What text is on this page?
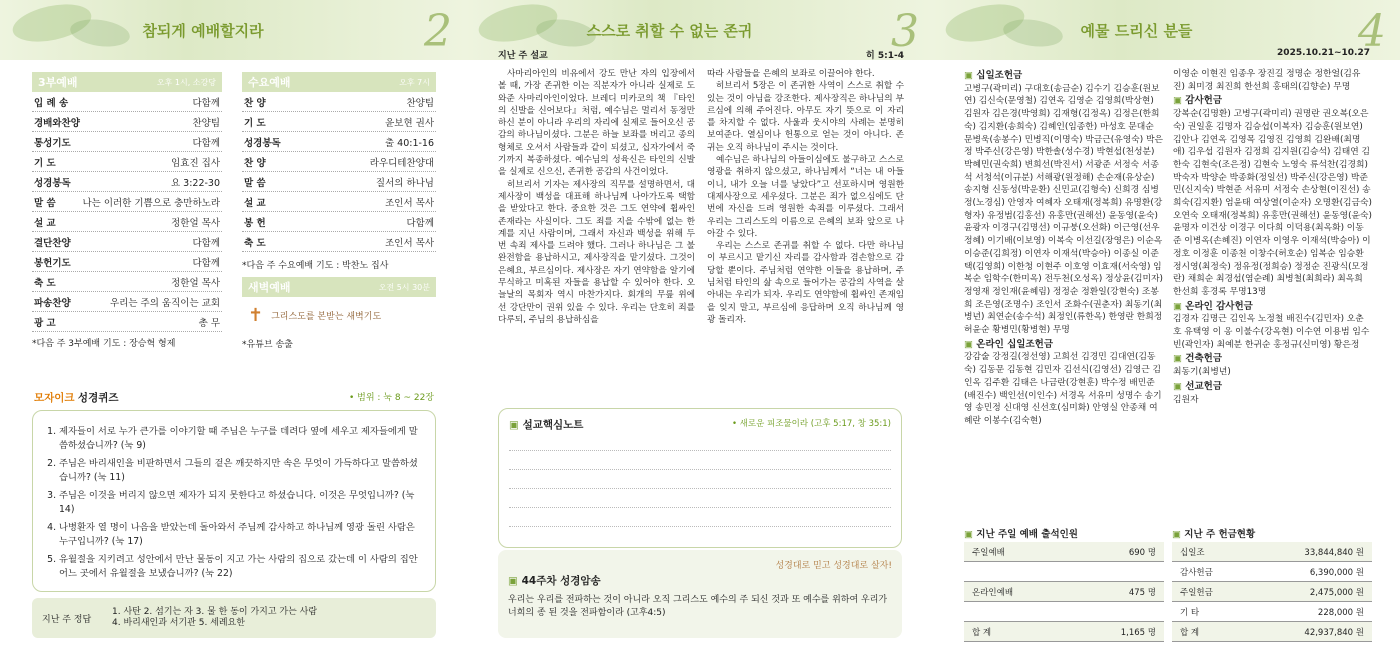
참되게 예배할지라	2
3부예배	오후 1시, 소강당
입 례 송	다함께
경배와찬양	찬양팀
통성기도	다함께
기 도	임효진 집사
성경봉독	요 3:22-30
말 씀	나는 이러한 기쁨으로 충만하노라
설 교	정한얼 목사
결단찬양	다함께
봉헌기도	다함께
축 도	정한얼 목사
파송찬양	우리는 주의 움직이는 교회
광 고	총 무
*다음 주 3부예배 기도 : 장승혁 형제
수요예배	오후 7시
찬 양	찬양팀
기 도	윤보현 권사
성경봉독	출 40:1-16
찬 양	라우디테찬양대
말 씀	질서의 하나님
설 교	조인서 목사
봉 헌	다함께
축 도	조인서 목사
*다음 주 수요예배 기도 : 박찬노 집사
새벽예배	오전 5시 30분
✝ 그리스도를 본받는 새벽기도
*유튜브 송출
모자이크 성경퀴즈	• 범위 : 눅 8 ~ 22장
1. 제자들이 서로 누가 큰가를 이야기할 때 주님은 누구를 데려다 옆에 세우고 제자들에게 말씀하셨습니까? (눅 9)
2. 주님은 바리새인을 비판하면서 그들의 겉은 깨끗하지만 속은 무엇이 가득하다고 말씀하셨습니까? (눅 11)
3. 주님은 이것을 버리지 않으면 제자가 되지 못한다고 하셨습니다. 이것은 무엇입니까? (눅 14)
4. 나병환자 열 명이 나음을 받았는데 돌아와서 주님께 감사하고 하나님께 영광 돌린 사람은 누구입니까? (눅 17)
5. 유월절을 지키려고 성안에서 만난 물동이 지고 가는 사람의 집으로 갔는데 이 사람의 집안 어느 곳에서 유월절을 보냈습니까? (눅 22)
지난 주 정답
1. 사탄 2. 섬기는 자 3. 물 한 동이 가지고 가는 사람
4. 바리새인과 서기관 5. 세례요한
스스로 취할 수 없는 존귀	3
지난 주 설교	히 5:1-4

사마리아인의 비유에서 강도 만난 자의 입장에서 볼 때, 가장 존귀한 이는 직분자가 아니라 실제로 도와준 사마리아인이었다. 브레디 미카코의 책 『타인의 신발을 신어보다』처럼, 예수님은 멀리서 동정만 하신 분이 아니라 우리의 자리에 실제로 들어오신 공감의 하나님이셨다. 그분은 하늘 보좌를 버리고 종의 형체로 오셔서 사람들과 같이 되셨고, 십자가에서 죽기까지 복종하셨다. 예수님의 성육신은 타인의 신발을 실제로 신으신, 존귀한 공감의 사건이었다.

히브리서 기자는 제사장의 직무를 설명하면서, 대제사장이 백성을 대표해 하나님께 나아가도록 택함을 받았다고 한다. 중요한 것은 그도 연약에 휩싸인 존재라는 사실이다. 그도 죄를 지을 수밖에 없는 한계를 지닌 사람이며, 그래서 자신과 백성을 위해 두 번 속죄 제사를 드려야 했다. 그러나 하나님은 그 불완전함을 용납하시고, 제사장직을 맡기셨다. 그것이 은혜요, 부르심이다. 제사장은 자기 연약함을 알기에 무식하고 미혹된 자들을 용납할 수 있어야 한다. 오늘날의 목회자 역시 마찬가지다. 회개의 무릎 위에 선 강단만이 권위 있을 수 있다. 우리는 단호히 죄를 다루되, 주님의 용납하심을

따라 사람들을 은혜의 보좌로 이끌어야 한다.

히브리서 5장은 이 존귀한 사역이 스스로 취할 수 있는 것이 아님을 강조한다. 제사장직은 하나님의 부르심에 의해 주어진다. 아무도 자기 뜻으로 이 자리를 차지할 수 없다. 사울과 웃시야의 사례는 분명히 보여준다. 열심이나 헌통으로 얻는 것이 아니다. 존귀는 오직 하나님이 주시는 것이다.

예수님은 하나님의 아들이심에도 불구하고 스스로 영광을 취하지 않으셨고, 하나님께서 “너는 내 아들이니, 내가 오늘 너를 낳았다”고 선포하시며 영원한 대제사장으로 세우셨다. 그분은 죄가 없으심에도 단번에 자신을 드려 영원한 속죄를 이루셨다. 그래서 우리는 그리스도의 이름으로 은혜의 보좌 앞으로 나아갈 수 있다.

우리는 스스로 존귀를 취할 수 없다. 다만 하나님이 부르시고 맡기신 자리를 감사함과 겸손함으로 감당할 뿐이다. 주님처럼 연약한 이들을 용납하며, 주님처럼 타인의 삶 속으로 들어가는 공감의 사역을 살아내는 우리가 되자. 우리도 연약함에 휩싸인 존재임을 잊지 말고, 부르심에 응답하며 오직 하나님께 영광 돌리자.

▣ 설교핵심노트	• 새로운 피조물이라 (고후 5:17, 창 35:1)
성경대로 믿고 성경대로 살자!
▣ 44주차 성경암송
우리는 우리를 전파하는 것이 아니라 오직 그리스도 예수의 주 되신 것과 또 예수를 위하여 우리가 너희의 종 된 것을 전파함이라 (고후4:5)
예물 드리신 분들	4
2025.10.21~10.27
▣ 십일조헌금
고병구(곽미리) 구대호(송금순) 김수기 김승훈(원보연) 김신숙(문영철) 김연옥 김영순 김영희(박상현) 김원자 김은경(박영희) 김재형(김정옥) 김정은(한희숙) 김지환(송희숙) 김혜인(임종한) 마성호 문대순 문병욱(송봉수) 민병직(이명숙) 박금근(유영숙) 박은정 박주신(강은영) 박한솔(성수경) 박현섭(천성분) 박혜민(권숙희) 변희선(박진서) 서광준 서정숙 서종석 서청석(이규분) 서해광(원정해) 손순재(유상순) 송지형 신동성(박운환) 신민교(김형숙) 신희경 심병정(노경심) 안영자 여혜자 오태재(정복희) 유명환(강형자) 유정범(김홍선) 유홍만(권해선) 윤동영(윤숙) 윤광자 이경구(김명선) 이규붕(오선화) 이근영(선우정혜) 이기배(이보영) 이복숙 이선길(장영은) 이순옥 이승준(김희정) 이연자 이재석(박승아) 이종실 이준택(김영희) 이한청 이현주 이호영 이효재(서숙영) 임복순 임학수(한미옥) 전두천(오성옥) 정상윤(김미자) 정영재 정인재(윤혜림) 정정순 정환일(강현숙) 조봉희 조은영(조명수) 조인서 조화수(권춘자) 최동기(최병년) 최연순(송수석) 최정인(류한옥) 한영란 한희정 허윤순 황병민(황병현) 무명
▣ 온라인 십일조헌금
강감술 강정길(정선영) 고희선 김경민 김대연(김동숙) 김동문 김동현 김민자 김선식(김영선) 김영근 김인옥 김주환 김태은 나금란(강현훈) 박수정 배민준(배진수) 백인선(이인수) 서경옥 서유미 성명수 송기영 송민정 신대영 신선호(심미화) 안영실 안종채 여혜란 이봉수(김숙현)
이영순 이현진 임종우 장진길 정명순 정한얼(김유진) 최미경 최진희 한선희 홍태의(김향순) 무명
▣ 감사헌금
강복순(김명환) 고병구(곽미리) 권명란 권오복(오은숙) 권일훈 김명자 김승섭(이복자) 김승훈(원보연) 김안나 김연옥 김영목 김영진 김영희 김완배(최명애) 김우섭 김원자 김정희 김지원(김승석) 김태연 김한숙 김현숙(조은정) 김현숙 노영숙 류석찬(김경희) 박숙자 박양순 박종화(정일선) 박주신(강은영) 박준민(신지숙) 박현준 서유미 서정숙 손상현(이진선) 송희숙(김지환) 엄윤태 여상열(이순자) 오명환(김금숙) 오연숙 오태재(정복희) 유홍만(권해선) 윤동영(윤숙) 윤명자 이건상 이경구 이다희 이덕용(최옥화) 이동준 이병옥(손혜진) 이연자 이영우 이재석(박승아) 이정호 이정훈 이종천 이창수(허호순) 임복순 임승환 정시영(최정숙) 정유정(정희승) 정정순 진광식(모정란) 채희순 최경섭(염순례) 최병철(최희라) 최옥희 한선희 홍경록 무명13명
▣ 온라인 감사헌금
김경자 김명근 김인옥 노정철 배진수(김민자) 오춘호 유택영 이 옹 이불수(강옥현) 이수연 이용범 임수빈(곽인자) 최예분 한귀순 홍정규(신미영) 황은정
▣ 건축헌금
최동기(최병년)
▣ 선교헌금
김원자
▣ 지난 주일 예배 출석인원
주일예배	690 명
온라인예배	475 명
합 계	1,165 명
▣ 지난 주 헌금현황
십일조	33,844,840 원
감사헌금	6,390,000 원
주일헌금	2,475,000 원
기 타	228,000 원
합 계	42,937,840 원
